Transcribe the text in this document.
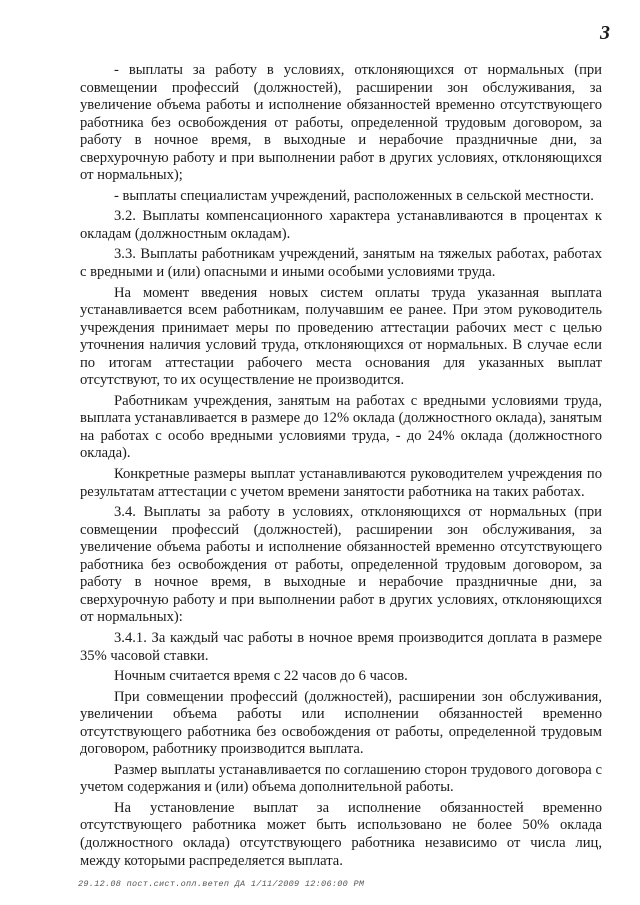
3

- выплаты за работу в условиях, отклоняющихся от нормальных (при совмещении профессий (должностей), расширении зон обслуживания, за увеличение объема работы и исполнение обязанностей временно отсутствующего работника без освобождения от работы, определенной трудовым договором, за работу в ночное время, в выходные и нерабочие праздничные дни, за сверхурочную работу и при выполнении работ в других условиях, отклоняющихся от нормальных);

- выплаты специалистам учреждений, расположенных в сельской местности.

3.2. Выплаты компенсационного характера устанавливаются в процентах к окладам (должностным окладам).

3.3. Выплаты работникам учреждений, занятым на тяжелых работах, работах с вредными и (или) опасными и иными особыми условиями труда.

На момент введения новых систем оплаты труда указанная выплата устанавливается всем работникам, получавшим ее ранее. При этом руководитель учреждения принимает меры по проведению аттестации рабочих мест с целью уточнения наличия условий труда, отклоняющихся от нормальных. В случае если по итогам аттестации рабочего места основания для указанных выплат отсутствуют, то их осуществление не производится.

Работникам учреждения, занятым на работах с вредными условиями труда, выплата устанавливается в размере до 12% оклада (должностного оклада), занятым на работах с особо вредными условиями труда, - до 24% оклада (должностного оклада).

Конкретные размеры выплат устанавливаются руководителем учреждения по результатам аттестации с учетом времени занятости работника на таких работах.

3.4. Выплаты за работу в условиях, отклоняющихся от нормальных (при совмещении профессий (должностей), расширении зон обслуживания, за увеличение объема работы и исполнение обязанностей временно отсутствующего работника без освобождения от работы, определенной трудовым договором, за работу в ночное время, в выходные и нерабочие праздничные дни, за сверхурочную работу и при выполнении работ в других условиях, отклоняющихся от нормальных):

3.4.1. За каждый час работы в ночное время производится доплата в размере 35% часовой ставки.

Ночным считается время с 22 часов до 6 часов.

При совмещении профессий (должностей), расширении зон обслуживания, увеличении объема работы или исполнении обязанностей временно отсутствующего работника без освобождения от работы, определенной трудовым договором, работнику производится выплата.

Размер выплаты устанавливается по соглашению сторон трудового договора с учетом содержания и (или) объема дополнительной работы.

На установление выплат за исполнение обязанностей временно отсутствующего работника может быть использовано не более 50% оклада (должностного оклада) отсутствующего работника независимо от числа лиц, между которыми распределяется выплата.

29.12.08 пост.сист.опл.ветеп ДА 1/11/2009 12:06:00 PM
